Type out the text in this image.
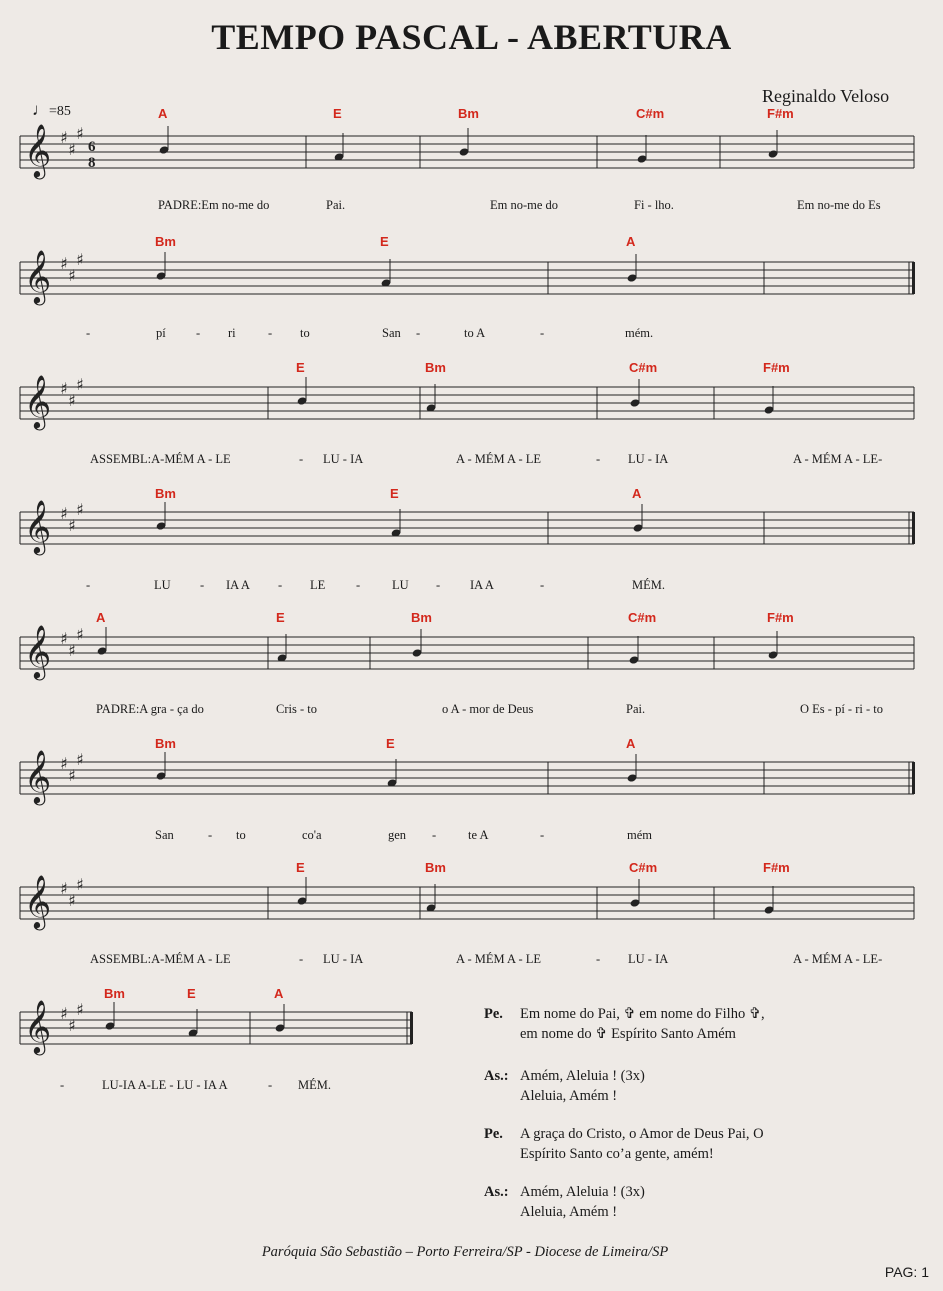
TEMPO PASCAL - ABERTURA
Reginaldo Veloso
♩=85
𝄞 ♯
♯
♯
6
8
A	E	Bm	C#m	F#m
PADRE:Em no-me do	Pai.	Em no-me do	Fi - lho.	Em no-me do Es
𝄞 ♯
♯
♯
Bm	E	A
-	pí - ri	- to	San -	to A	-	mém.
𝄞 ♯
♯
♯
E	Bm	C#m	F#m
ASSEMBL:A-MÉM A - LE	- LU - IA	A - MÉM A - LE	- LU - IA	A - MÉM A - LE-
𝄞 ♯
♯
♯
Bm	E	A
-	LU - IA A - LE -	LU - IA A	-	MÉM.
𝄞 ♯
♯
♯
A	E	Bm	C#m	F#m
PADRE:A gra - ça do	Cris - to	o A - mor de Deus	Pai.	O Es - pí - ri - to
𝄞 ♯
♯
♯
Bm	E	A
San	- to	co'a	gen -	te A	-	mém
𝄞 ♯
♯
♯
E	Bm	C#m	F#m
ASSEMBL:A-MÉM A - LE	- LU - IA	A - MÉM A - LE	- LU - IA	A - MÉM A - LE-
𝄞 ♯
♯
♯
Bm	E	A
-	LU-IA A-LE - LU - IA A	- MÉM.
Pe. Em nome do Pai, ✞ em nome do Filho ✞,
em nome do ✞ Espírito Santo Amém
As.: Amém, Aleluia ! (3x)
Aleluia, Amém !
Pe. A graça do Cristo, o Amor de Deus Pai, O
Espírito Santo co’a gente, amém!
As.: Amém, Aleluia ! (3x)
Aleluia, Amém !
Paróquia São Sebastião – Porto Ferreira/SP - Diocese de Limeira/SP
PAG: 1
